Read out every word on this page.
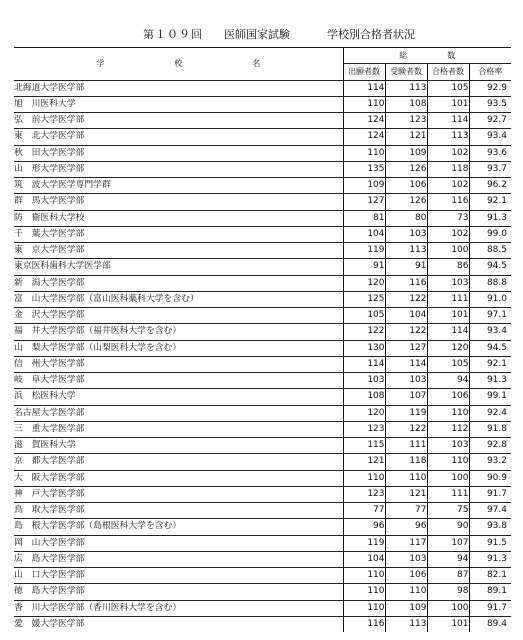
第１０９回 医師国家試験	学校別合格者状況
学 校 名	総 数			
	出願者数	受験者数	合格者数	合格率
北海道大学医学部	114	113	105	92.9
旭　川医科大学	110	108	101	93.5
弘　前大学医学部	124	123	114	92.7
東　北大学医学部	124	121	113	93.4
秋　田大学医学部	110	109	102	93.6
山　形大学医学部	135	126	118	93.7
筑　波大学医学専門学群	109	106	102	96.2
群　馬大学医学部	127	126	116	92.1
防　衛医科大学校	81	80	73	91.3
千　葉大学医学部	104	103	102	99.0
東　京大学医学部	119	113	100	88.5
東京医科歯科大学医学部	91	91	86	94.5
新　潟大学医学部	120	116	103	88.8
富　山大学医学部（富山医科薬科大学を含む）	125	122	111	91.0
金　沢大学医学部	105	104	101	97.1
福　井大学医学部（福井医科大学を含む）	122	122	114	93.4
山　梨大学医学部（山梨医科大学を含む）	130	127	120	94.5
信　州大学医学部	114	114	105	92.1
岐　阜大学医学部	103	103	94	91.3
浜　松医科大学	108	107	106	99.1
名古屋大学医学部	120	119	110	92.4
三　重大学医学部	123	122	112	91.8
滋　賀医科大学	115	111	103	92.8
京　都大学医学部	121	118	110	93.2
大　阪大学医学部	110	110	100	90.9
神　戸大学医学部	123	121	111	91.7
鳥　取大学医学部	77	77	75	97.4
島　根大学医学部（島根医科大学を含む）	96	96	90	93.8
岡　山大学医学部	119	117	107	91.5
広　島大学医学部	104	103	94	91.3
山　口大学医学部	110	106	87	82.1
徳　島大学医学部	110	110	98	89.1
香　川大学医学部（香川医科大学を含む）	110	109	100	91.7
愛　媛大学医学部	116	113	101	89.4
